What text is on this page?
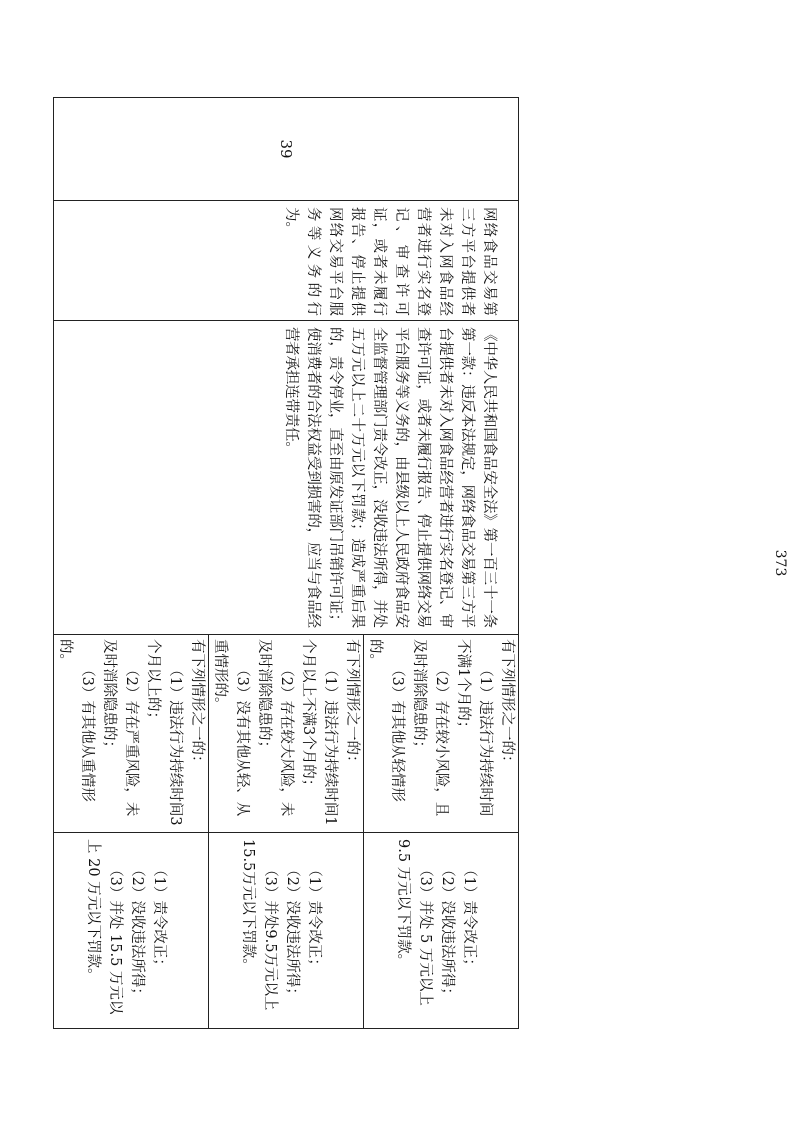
39	网络食品交易第三方平台提供者未对入网食品经营者进行实名登记、审查许可证，或者未履行报告、停止提供网络交易平台服务等义务的行为。	《中华人民共和国食品安全法》第一百三十一条第一款：违反本法规定，网络食品交易第三方平台提供者未对入网食品经营者进行实名登记、审查许可证，或者未履行报告、停止提供网络交易平台服务等义务的，由县级以上人民政府食品安全监督管理部门责令改正，没收违法所得，并处五万元以上二十万元以下罚款；造成严重后果的，责令停业，直至由原发证部门吊销许可证；使消费者的合法权益受到损害的，应当与食品经营者承担连带责任。	有下列情形之一的：
（1）违法行为持续时间不满1个月的；
（2）存在较小风险，且及时消除隐患的；
（3）有其他从轻情形的。	（1）责令改正；
（2）没收违法所得；
（3）并处 5 万元以上 9.5 万元以下罚款。

			有下列情形之一的：
（1）违法行为持续时间1个月以上不满3个月的；
（2）存在较大风险，未及时消除隐患的；
（3）没有其他从轻、从重情形的。	（1）责令改正；
（2）没收违法所得；
（3）并处9.5万元以上15.5万元以下罚款。

			有下列情形之一的：
（1）违法行为持续时间3个月以上的；
（2）存在严重风险，未及时消除隐患的；
（3）有其他从重情形的。	（1）责令改正；
（2）没收违法所得；
（3）并处 15.5 万元以上 20 万元以下罚款。
373
